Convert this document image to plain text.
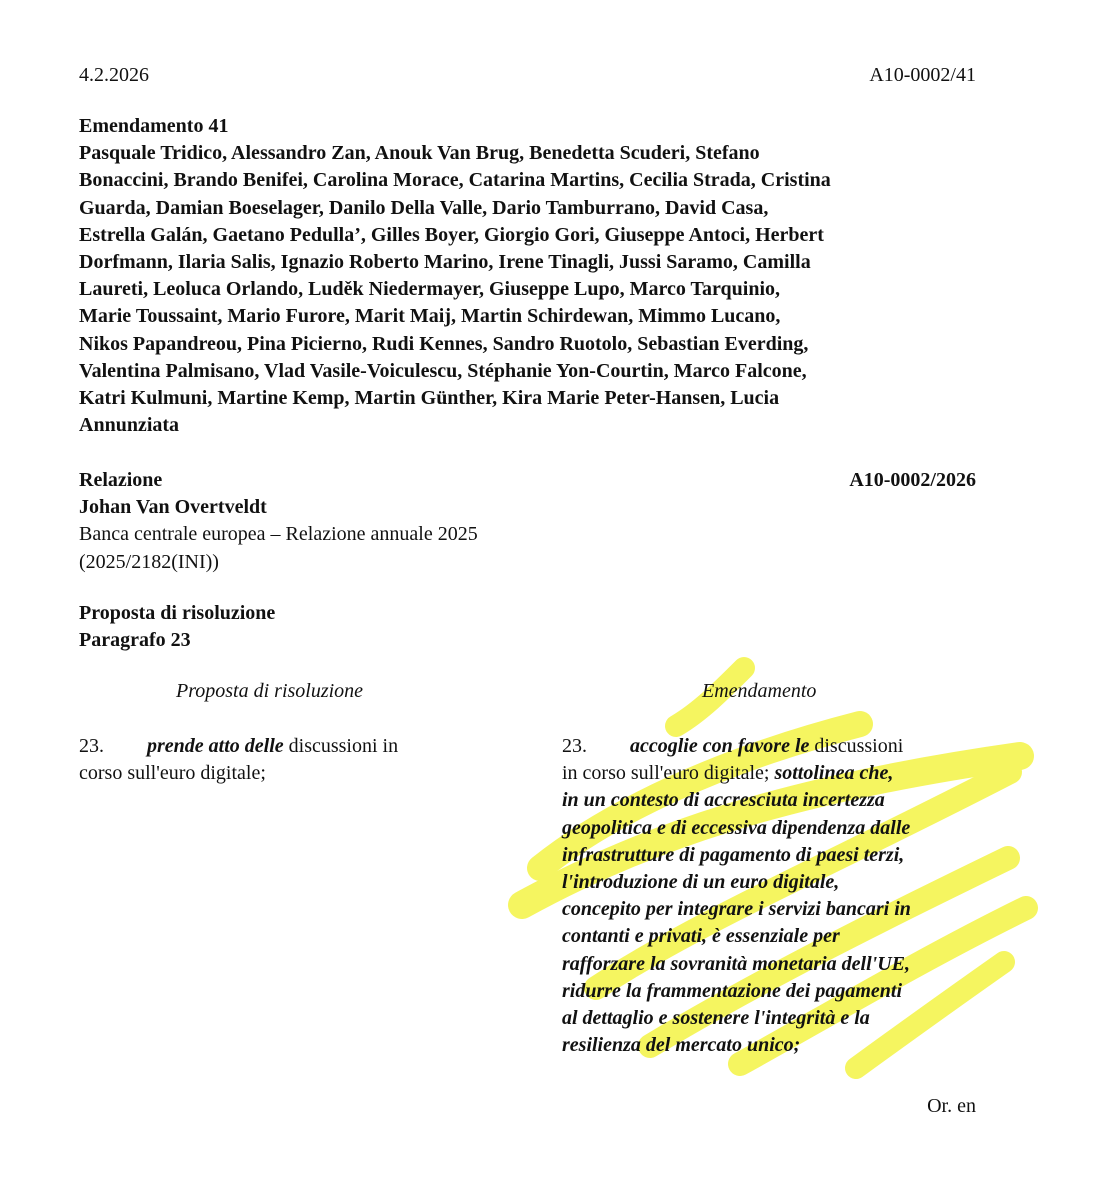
4.2.2026	A10-0002/41
Emendamento 41
Pasquale Tridico, Alessandro Zan, Anouk Van Brug, Benedetta Scuderi, Stefano
Bonaccini, Brando Benifei, Carolina Morace, Catarina Martins, Cecilia Strada, Cristina
Guarda, Damian Boeselager, Danilo Della Valle, Dario Tamburrano, David Casa,
Estrella Galán, Gaetano Pedulla’, Gilles Boyer, Giorgio Gori, Giuseppe Antoci, Herbert
Dorfmann, Ilaria Salis, Ignazio Roberto Marino, Irene Tinagli, Jussi Saramo, Camilla
Laureti, Leoluca Orlando, Luděk Niedermayer, Giuseppe Lupo, Marco Tarquinio,
Marie Toussaint, Mario Furore, Marit Maij, Martin Schirdewan, Mimmo Lucano,
Nikos Papandreou, Pina Picierno, Rudi Kennes, Sandro Ruotolo, Sebastian Everding,
Valentina Palmisano, Vlad Vasile-Voiculescu, Stéphanie Yon-Courtin, Marco Falcone,
Katri Kulmuni, Martine Kemp, Martin Günther, Kira Marie Peter-Hansen, Lucia
Annunziata
Relazione
Johan Van Overtveldt
Banca centrale europea – Relazione annuale 2025
(2025/2182(INI))
A10-0002/2026
Proposta di risoluzione
Paragrafo 23
Proposta di risoluzione	Emendamento
23. prende atto delle discussioni in
corso sull'euro digitale;
23. accoglie con favore le discussioni
in corso sull'euro digitale; sottolinea che,
in un contesto di accresciuta incertezza
geopolitica e di eccessiva dipendenza dalle
infrastrutture di pagamento di paesi terzi,
l'introduzione di un euro digitale,
concepito per integrare i servizi bancari in
contanti e privati, è essenziale per
rafforzare la sovranità monetaria dell'UE,
ridurre la frammentazione dei pagamenti
al dettaglio e sostenere l'integrità e la
resilienza del mercato unico;
Or. en
